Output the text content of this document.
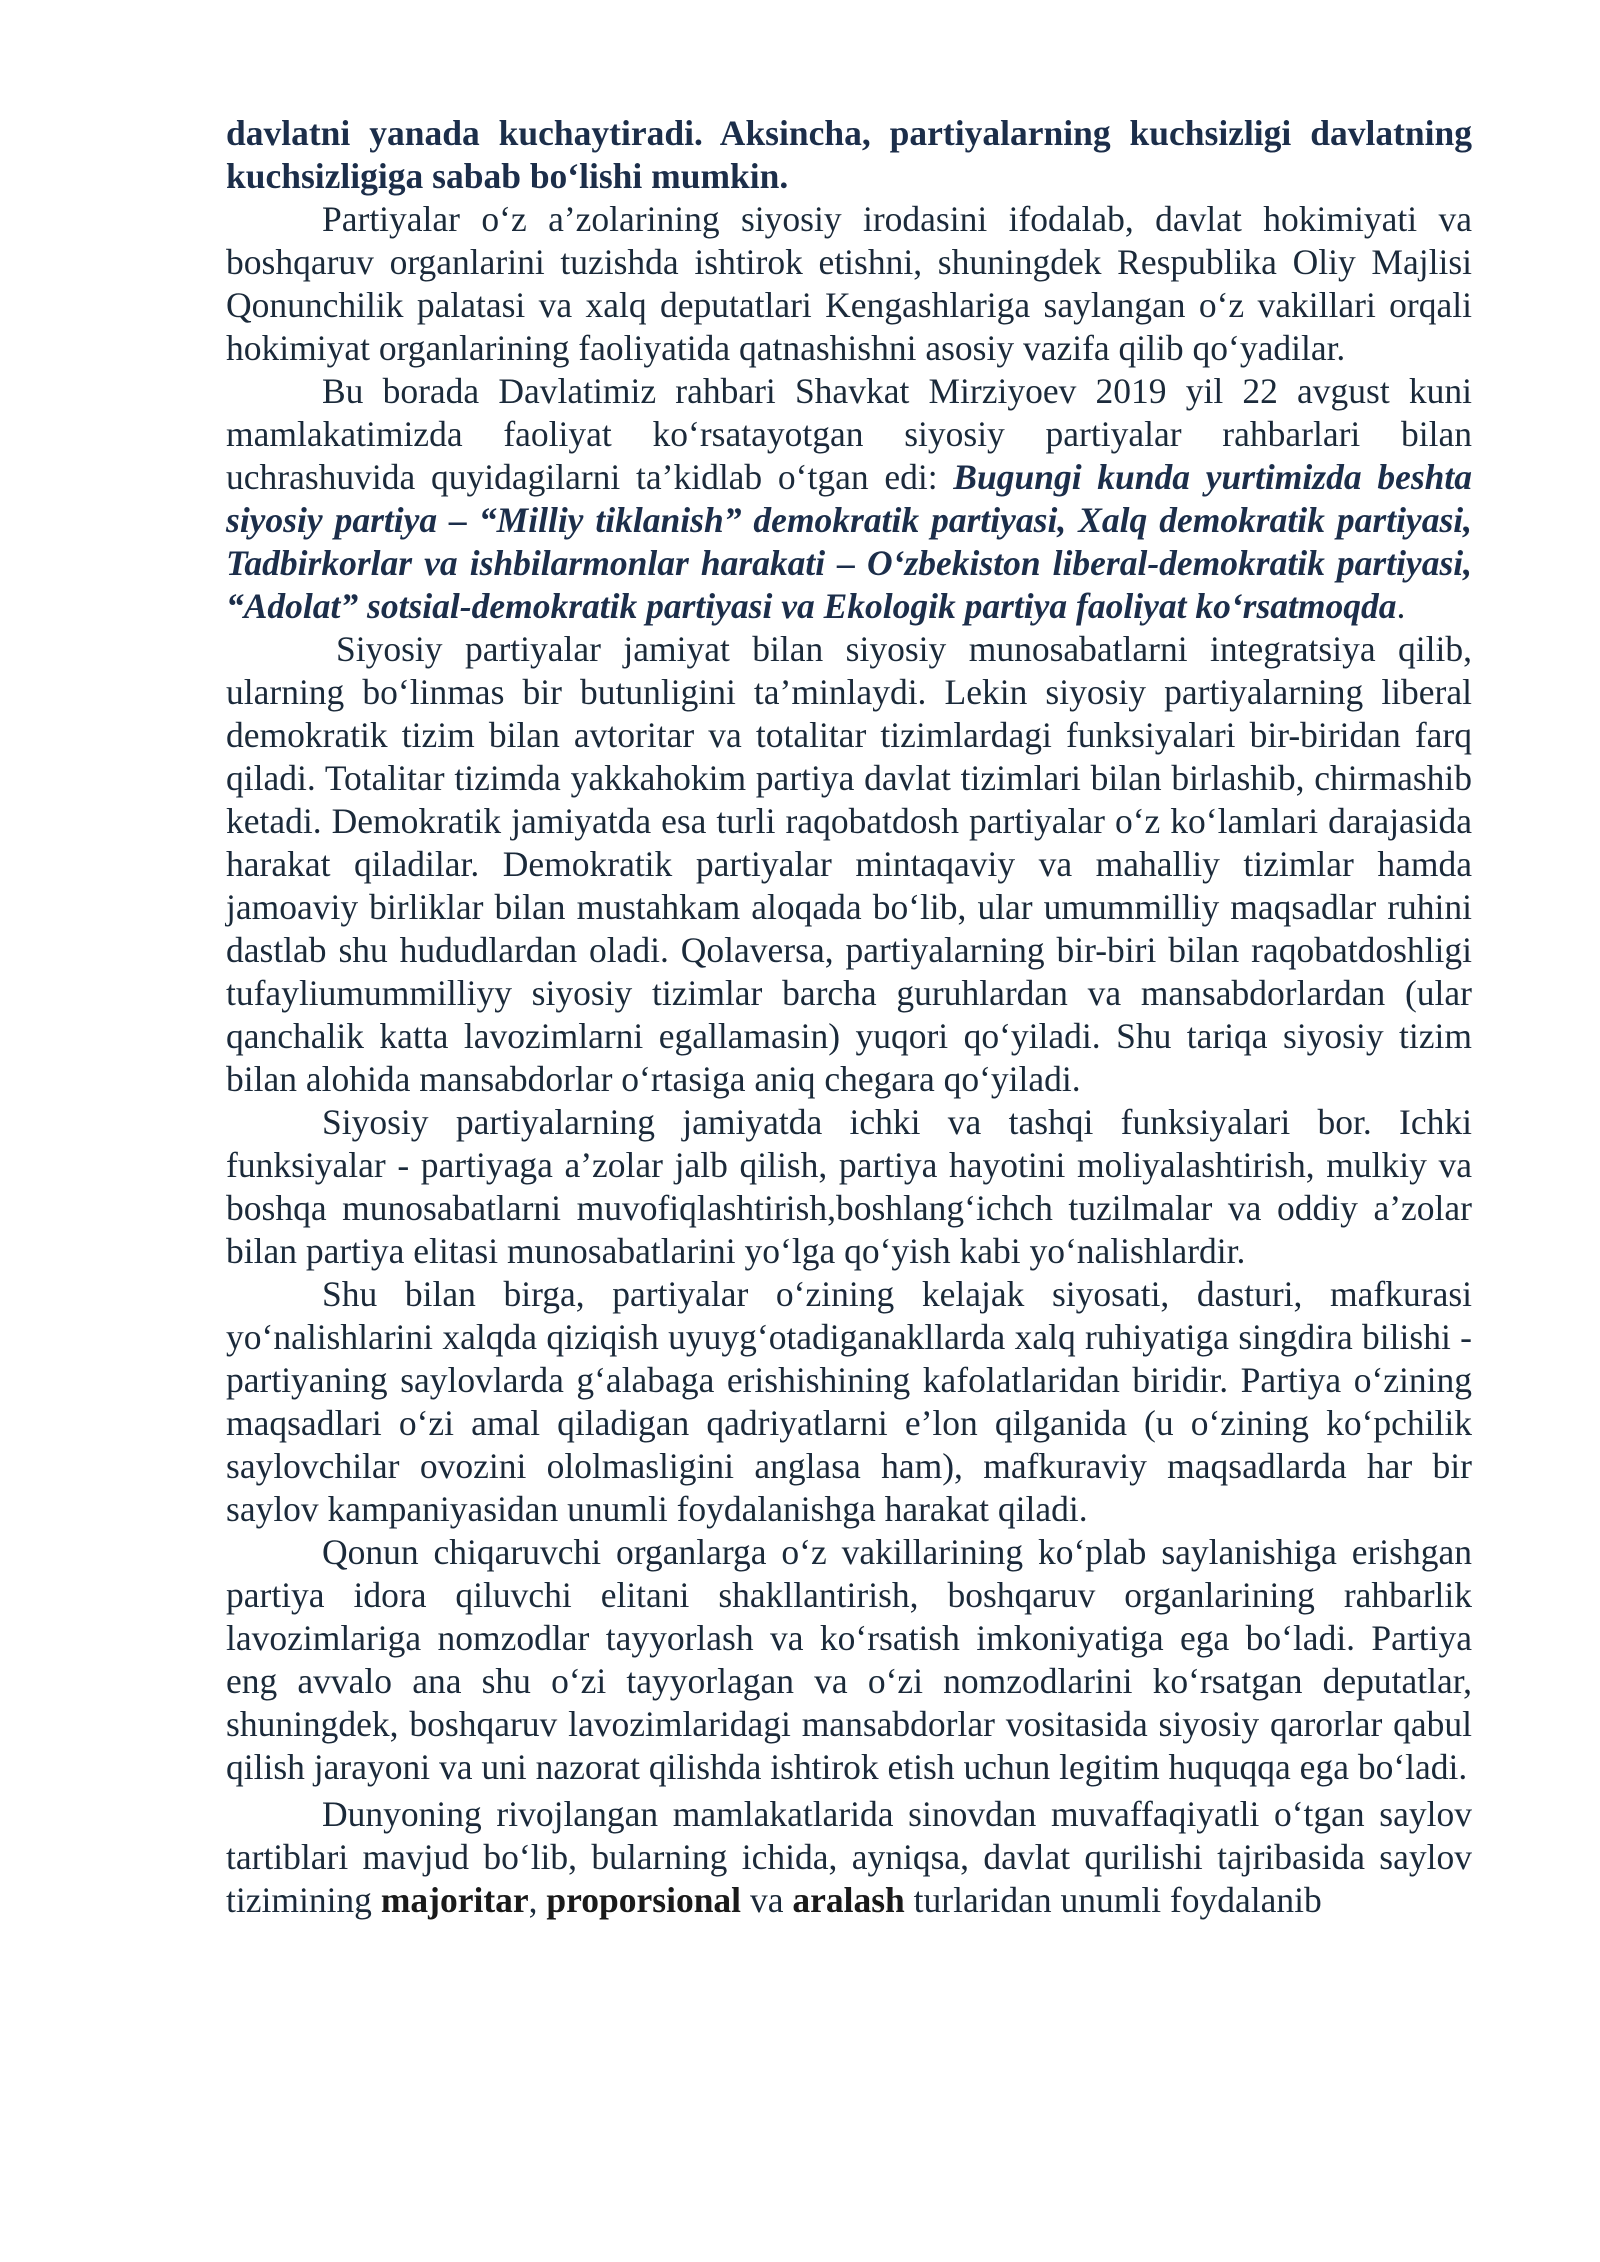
davlatni yanada kuchaytiradi. Aksincha, partiyalarning kuchsizligi davlatning kuchsizligiga sabab bo‘lishi mumkin.

Partiyalar o‘z a’zolarining siyosiy irodasini ifodalab, davlat hokimiyati va boshqaruv organlarini tuzishda ishtirok etishni, shuningdek Respublika Oliy Majlisi Qonunchilik palatasi va xalq deputatlari Kengashlariga saylangan o‘z vakillari orqali hokimiyat organlarining faoliyatida qatnashishni asosiy vazifa qilib qo‘yadilar.

Bu borada Davlatimiz rahbari Shavkat Mirziyoev 2019 yil 22 avgust kuni mamlakatimizda faoliyat ko‘rsatayotgan siyosiy partiyalar rahbarlari bilan uchrashuvida quyidagilarni ta’kidlab o‘tgan edi: Bugungi kunda yurtimizda beshta siyosiy partiya – “Milliy tiklanish” demokratik partiyasi, Xalq demokratik partiyasi, Tadbirkorlar va ishbilarmonlar harakati – O‘zbekiston liberal-demokratik partiyasi, “Adolat” sotsial-demokratik partiyasi va Ekologik partiya faoliyat ko‘rsatmoqda.

Siyosiy partiyalar jamiyat bilan siyosiy munosabatlarni integratsiya qilib, ularning bo‘linmas bir butunligini ta’minlaydi. Lekin siyosiy partiyalarning liberal demokratik tizim bilan avtoritar va totalitar tizimlardagi funksiyalari bir-biridan farq qiladi. Totalitar tizimda yakkahokim partiya davlat tizimlari bilan birlashib, chirmashib ketadi. Demokratik jamiyatda esa turli raqobatdosh partiyalar o‘z ko‘lamlari darajasida harakat qiladilar. Demokratik partiyalar mintaqaviy va mahalliy tizimlar hamda jamoaviy birliklar bilan mustahkam aloqada bo‘lib, ular umummilliy maqsadlar ruhini dastlab shu hududlardan oladi. Qolaversa, partiyalarning bir-biri bilan raqobatdoshligi tufayliumummilliyy siyosiy tizimlar barcha guruhlardan va mansabdorlardan (ular qanchalik katta lavozimlarni egallamasin) yuqori qo‘yiladi. Shu tariqa siyosiy tizim bilan alohida mansabdorlar o‘rtasiga aniq chegara qo‘yiladi.

Siyosiy partiyalarning jamiyatda ichki va tashqi funksiyalari bor. Ichki funksiyalar - partiyaga a’zolar jalb qilish, partiya hayotini moliyalashtirish, mulkiy va boshqa munosabatlarni muvofiqlashtirish,boshlang‘ichch tuzilmalar va oddiy a’zolar bilan partiya elitasi munosabatlarini yo‘lga qo‘yish kabi yo‘nalishlardir.

Shu bilan birga, partiyalar o‘zining kelajak siyosati, dasturi, mafkurasi yo‘nalishlarini xalqda qiziqish uyuyg‘otadiganakllarda xalq ruhiyatiga singdira bilishi - partiyaning saylovlarda g‘alabaga erishishining kafolatlaridan biridir. Partiya o‘zining maqsadlari o‘zi amal qiladigan qadriyatlarni e’lon qilganida (u o‘zining ko‘pchilik saylovchilar ovozini ololmasligini anglasa ham), mafkuraviy maqsadlarda har bir saylov kampaniyasidan unumli foydalanishga harakat qiladi.

Qonun chiqaruvchi organlarga o‘z vakillarining ko‘plab saylanishiga erishgan partiya idora qiluvchi elitani shakllantirish, boshqaruv organlarining rahbarlik lavozimlariga nomzodlar tayyorlash va ko‘rsatish imkoniyatiga ega bo‘ladi. Partiya eng avvalo ana shu o‘zi tayyorlagan va o‘zi nomzodlarini ko‘rsatgan deputatlar, shuningdek, boshqaruv lavozimlaridagi mansabdorlar vositasida siyosiy qarorlar qabul qilish jarayoni va uni nazorat qilishda ishtirok etish uchun legitim huquqqa ega bo‘ladi.

Dunyoning rivojlangan mamlakatlarida sinovdan muvaffaqiyatli o‘tgan saylov tartiblari mavjud bo‘lib, bularning ichida, ayniqsa, davlat qurilishi tajribasida saylov tizimining majoritar, proporsional va aralash turlaridan unumli foydalanib
